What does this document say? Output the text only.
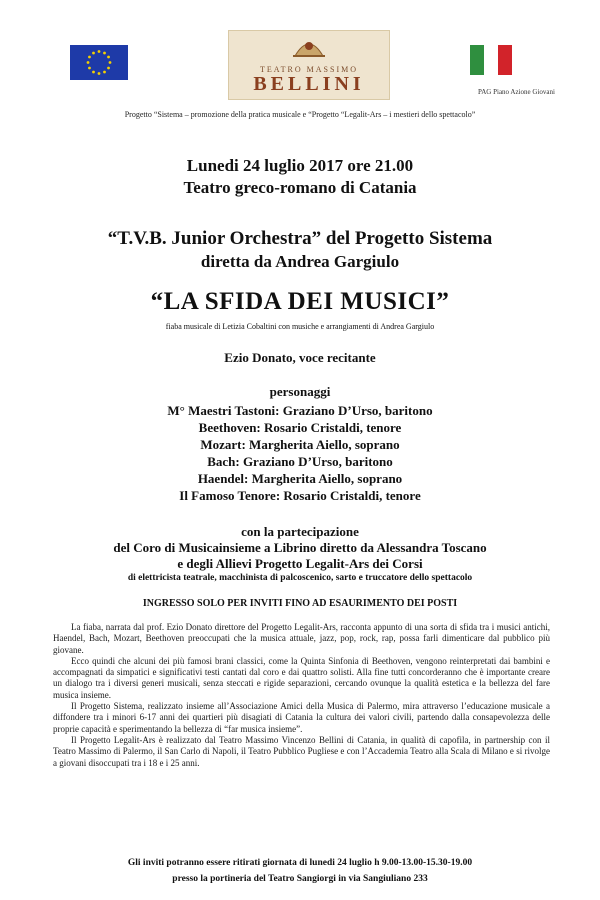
TEATRO MASSIMO
BELLINI	PAG Piano Azione Giovani
Progetto “Sistema – promozione della pratica musicale e “Progetto “Legalit-Ars – i mestieri dello spettacolo”
Lunedi 24 luglio 2017 ore 21.00
Teatro greco-romano di Catania
“T.V.B. Junior Orchestra” del Progetto Sistema
diretta da Andrea Gargiulo
“LA SFIDA DEI MUSICI”
fiaba musicale di Letizia Cobaltini con musiche e arrangiamenti di Andrea Gargiulo
Ezio Donato, voce recitante
personaggi
M° Maestri Tastoni: Graziano D’Urso, baritono
Beethoven: Rosario Cristaldi, tenore
Mozart: Margherita Aiello, soprano
Bach: Graziano D’Urso, baritono
Haendel: Margherita Aiello, soprano
Il Famoso Tenore: Rosario Cristaldi, tenore
con la partecipazione
del Coro di Musicainsieme a Librino diretto da Alessandra Toscano
e degli Allievi Progetto Legalit-Ars dei Corsi
di elettricista teatrale, macchinista di palcoscenico, sarto e truccatore dello spettacolo
INGRESSO SOLO PER INVITI FINO AD ESAURIMENTO DEI POSTI

La fiaba, narrata dal prof. Ezio Donato direttore del Progetto Legalit-Ars, racconta appunto di una sorta di sfida tra i musici antichi, Haendel, Bach, Mozart, Beethoven preoccupati che la musica attuale, jazz, pop, rock, rap, possa farli dimenticare dal pubblico più giovane.

Ecco quindi che alcuni dei più famosi brani classici, come la Quinta Sinfonia di Beethoven, vengono reinterpretati dai bambini e accompagnati da simpatici e significativi testi cantati dal coro e dai quattro solisti. Alla fine tutti concorderanno che è importante creare un dialogo tra i diversi generi musicali, senza steccati e rigide separazioni, cercando ovunque la qualità estetica e la bellezza del fare musica insieme.

Il Progetto Sistema, realizzato insieme all’Associazione Amici della Musica di Palermo, mira attraverso l’educazione musicale a diffondere tra i minori 6-17 anni dei quartieri più disagiati di Catania la cultura dei valori civili, partendo dalla consapevolezza delle proprie capacità e sperimentando la bellezza di “far musica insieme”.

Il Progetto Legalit-Ars è realizzato dal Teatro Massimo Vincenzo Bellini di Catania, in qualità di capofila, in partnership con il Teatro Massimo di Palermo, il San Carlo di Napoli, il Teatro Pubblico Pugliese e con l’Accademia Teatro alla Scala di Milano e si rivolge a giovani disoccupati tra i 18 e i 25 anni.

Gli inviti potranno essere ritirati giornata di lunedi 24 luglio h 9.00-13.00-15.30-19.00
presso la portineria del Teatro Sangiorgi in via Sangiuliano 233
